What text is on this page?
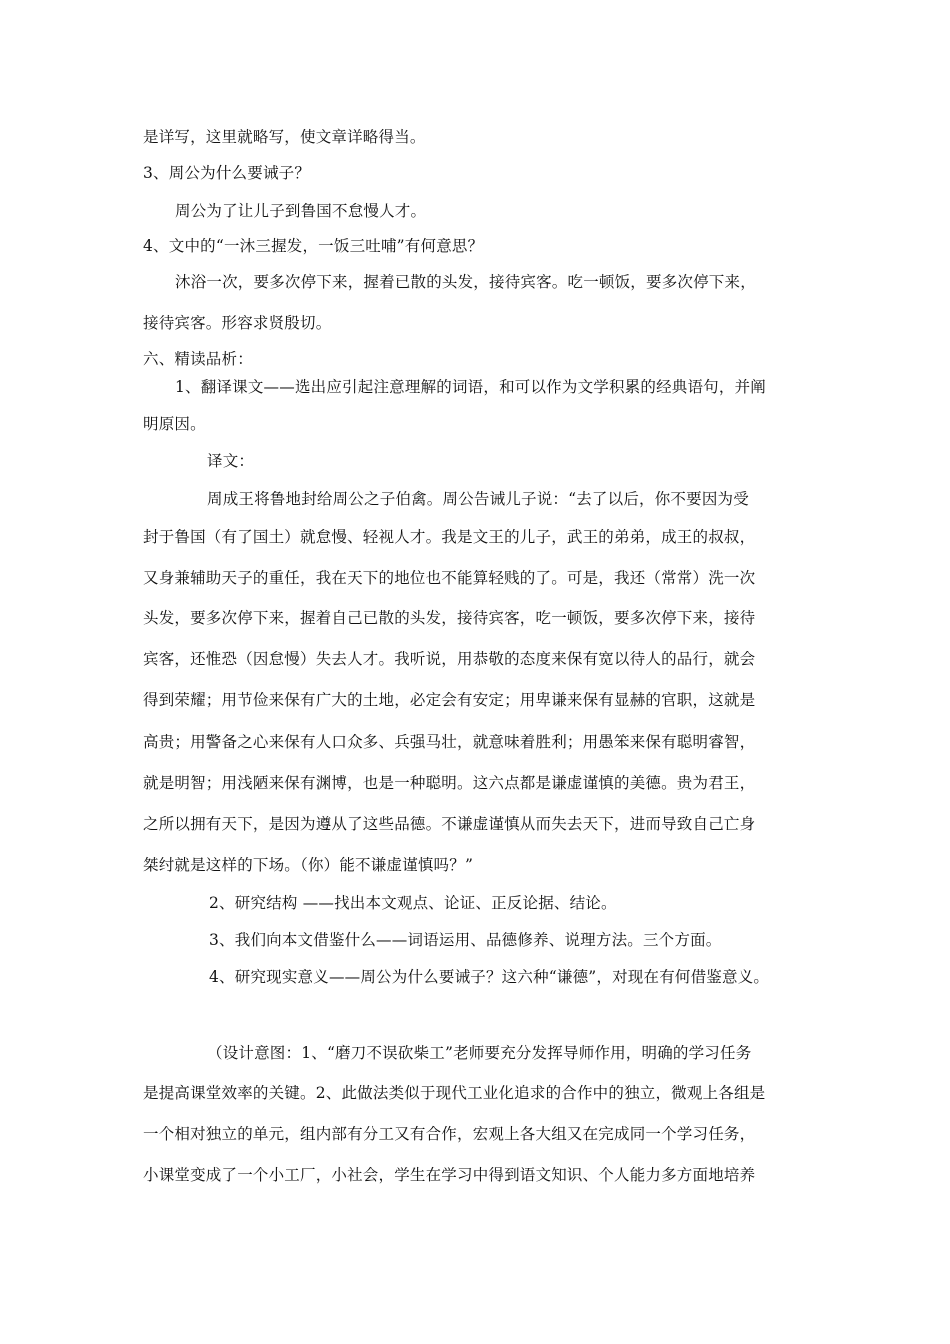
是详写，这里就略写，使文章详略得当。
3、周公为什么要诫子？
周公为了让儿子到鲁国不怠慢人才。
4、文中的“一沐三握发，一饭三吐哺”有何意思？
沐浴一次，要多次停下来，握着已散的头发，接待宾客。吃一顿饭，要多次停下来，
接待宾客。形容求贤殷切。
六、精读品析：
1、翻译课文——选出应引起注意理解的词语，和可以作为文学积累的经典语句，并阐
明原因。
译文：
周成王将鲁地封给周公之子伯禽。周公告诫儿子说：“去了以后，你不要因为受
封于鲁国（有了国土）就怠慢、轻视人才。我是文王的儿子，武王的弟弟，成王的叔叔，
又身兼辅助天子的重任，我在天下的地位也不能算轻贱的了。可是，我还（常常）洗一次
头发，要多次停下来，握着自己已散的头发，接待宾客，吃一顿饭，要多次停下来，接待
宾客，还惟恐（因怠慢）失去人才。我听说，用恭敬的态度来保有宽以待人的品行，就会
得到荣耀；用节俭来保有广大的土地，必定会有安定；用卑谦来保有显赫的官职，这就是
高贵；用警备之心来保有人口众多、兵强马壮，就意味着胜利；用愚笨来保有聪明睿智，
就是明智；用浅陋来保有渊博，也是一种聪明。这六点都是谦虚谨慎的美德。贵为君王，
之所以拥有天下，是因为遵从了这些品德。不谦虚谨慎从而失去天下，进而导致自己亡身
桀纣就是这样的下场。（你）能不谦虚谨慎吗？”
2、研究结构 ——找出本文观点、论证、正反论据、结论。
3、我们向本文借鉴什么——词语运用、品德修养、说理方法。三个方面。
4、研究现实意义——周公为什么要诫子？这六种“谦德”，对现在有何借鉴意义。
（设计意图：1、“磨刀不误砍柴工”老师要充分发挥导师作用，明确的学习任务
是提高课堂效率的关键。2、此做法类似于现代工业化追求的合作中的独立，微观上各组是
一个相对独立的单元，组内部有分工又有合作，宏观上各大组又在完成同一个学习任务，
小课堂变成了一个小工厂，小社会，学生在学习中得到语文知识、个人能力多方面地培养
